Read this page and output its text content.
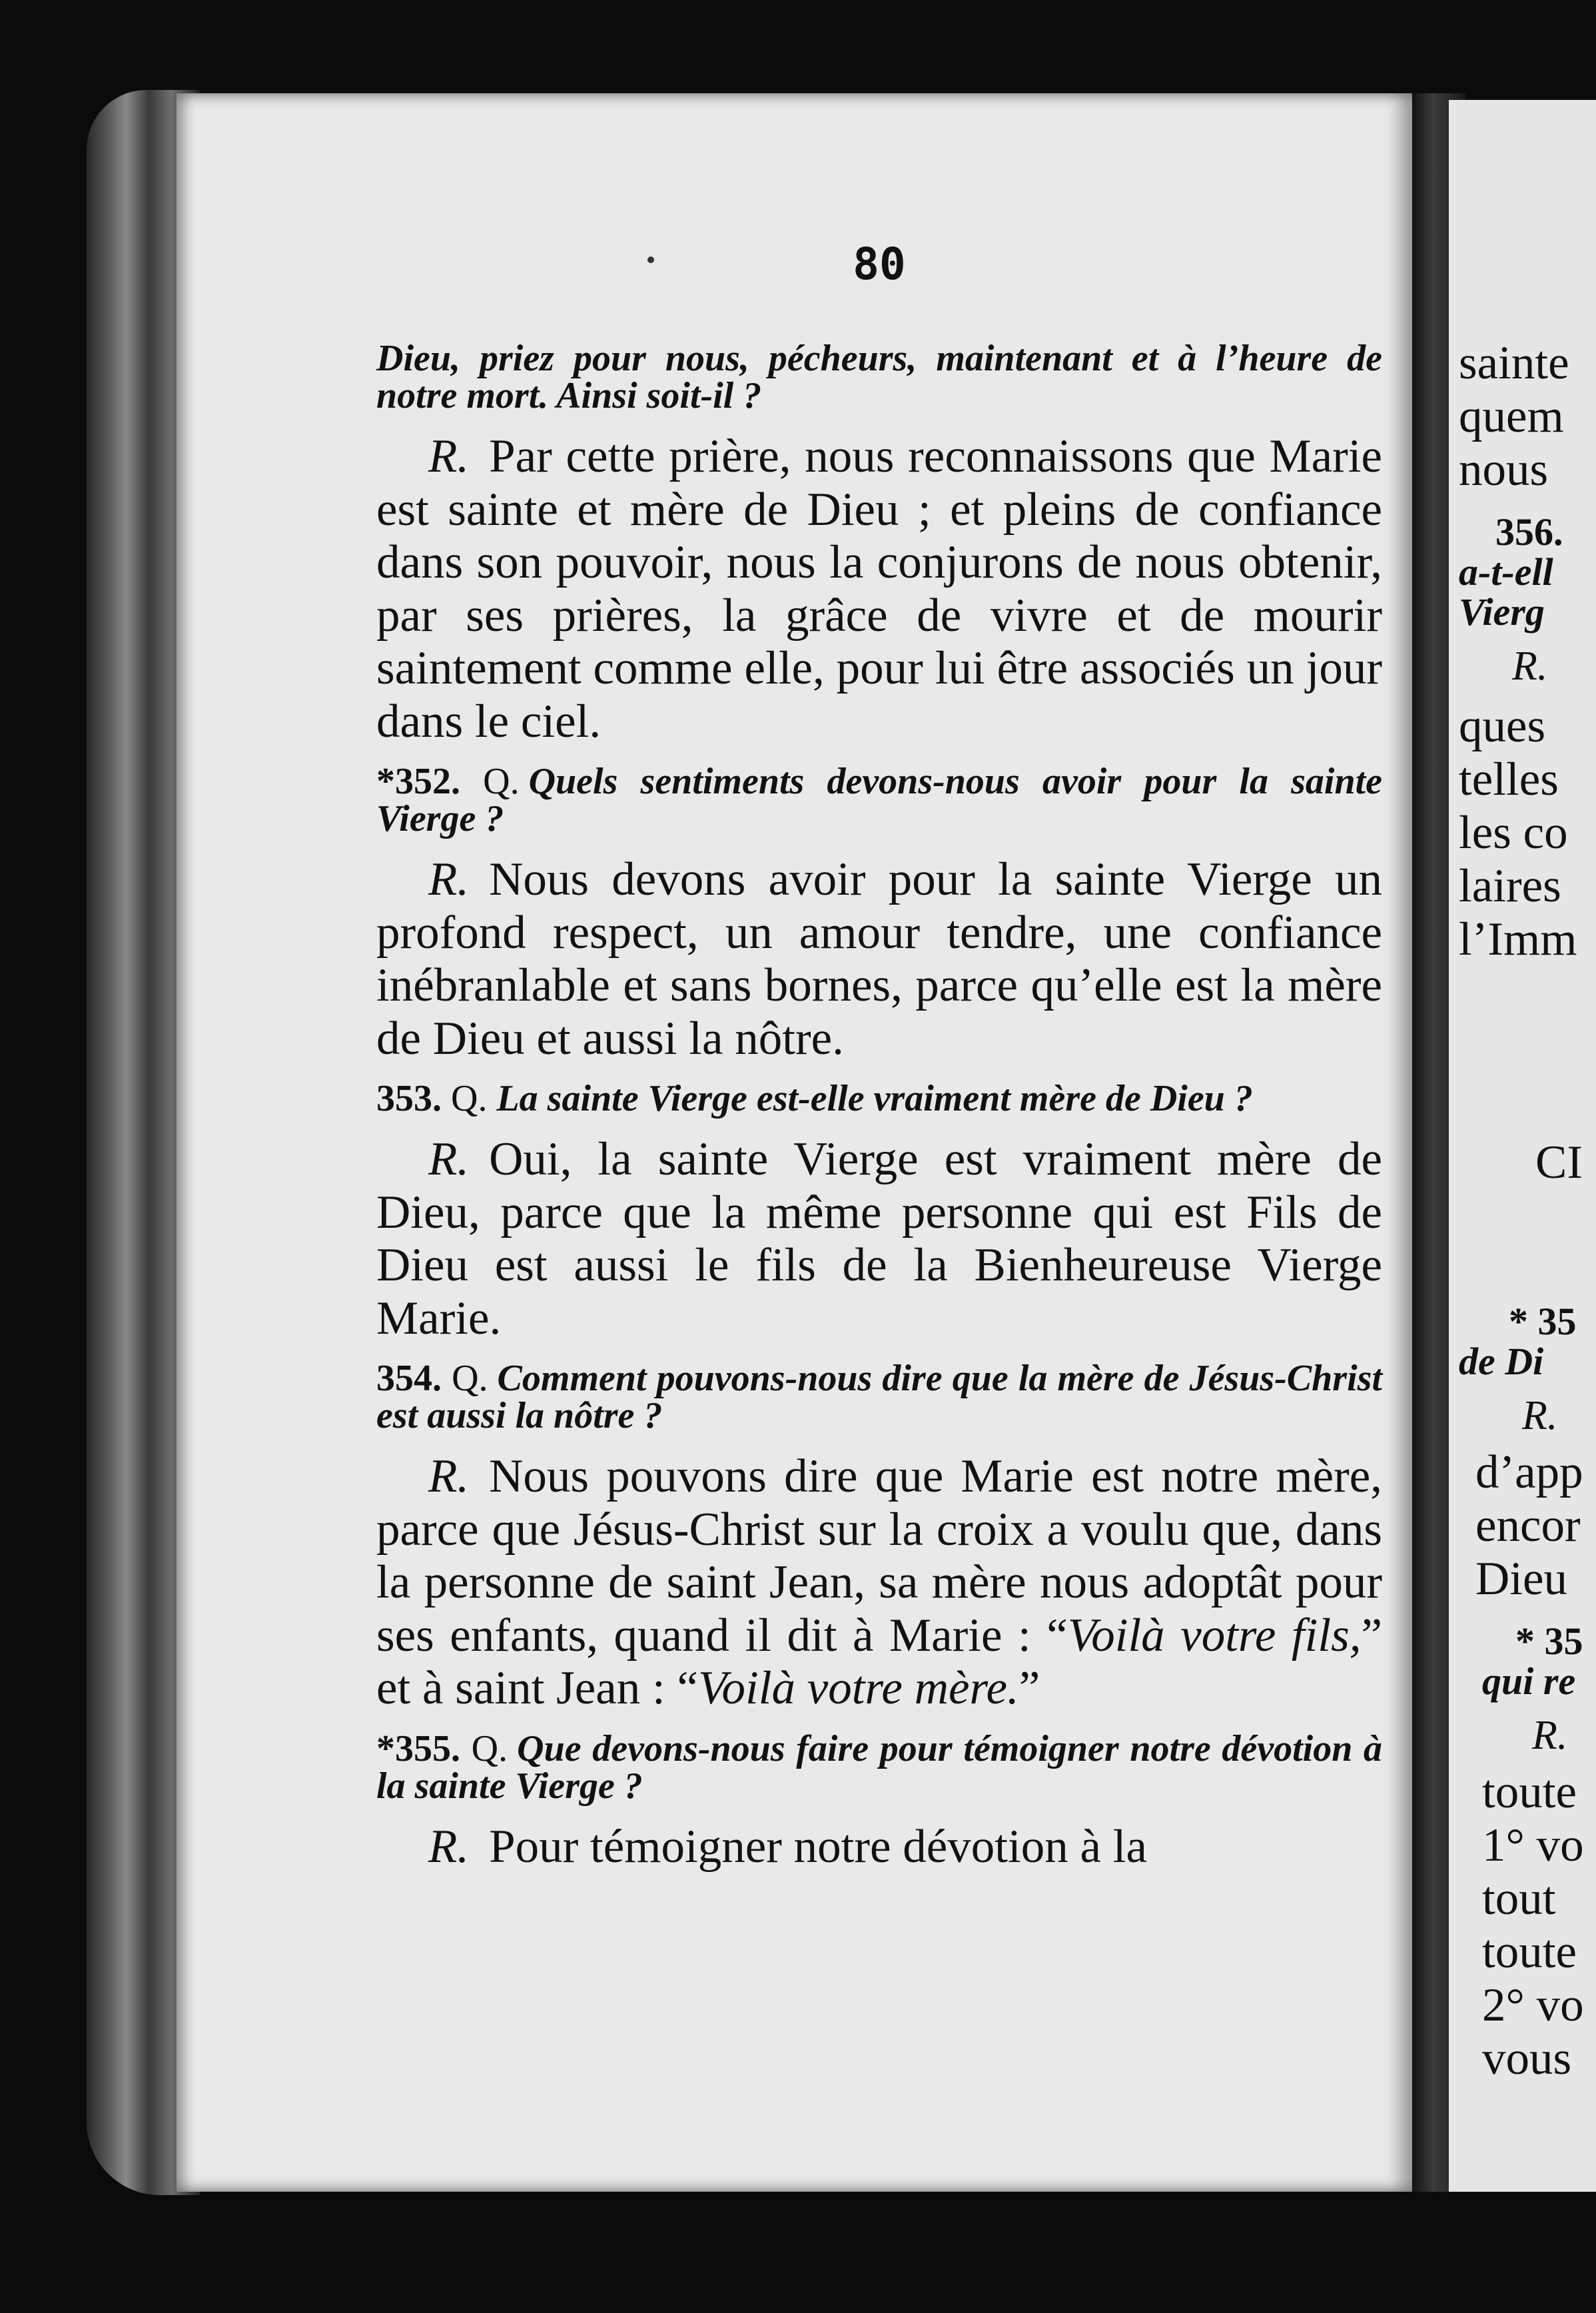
80

Dieu, priez pour nous, pécheurs, maintenant et à l’heure de notre mort. Ainsi soit-il ?

R. Par cette prière, nous reconnaissons que Marie est sainte et mère de Dieu ; et pleins de confiance dans son pouvoir, nous la conjurons de nous obtenir, par ses prières, la grâce de vivre et de mourir saintement comme elle, pour lui être associés un jour dans le ciel.

*352. Q. Quels sentiments devons-nous avoir pour la sainte Vierge ?

R. Nous devons avoir pour la sainte Vierge un profond respect, un amour tendre, une confiance inébranlable et sans bornes, parce qu’elle est la mère de Dieu et aussi la nôtre.

353. Q. La sainte Vierge est-elle vraiment mère de Dieu ?

R. Oui, la sainte Vierge est vraiment mère de Dieu, parce que la même personne qui est Fils de Dieu est aussi le fils de la Bienheureuse Vierge Marie.

354. Q. Comment pouvons-nous dire que la mère de Jésus-Christ est aussi la nôtre ?

R. Nous pouvons dire que Marie est notre mère, parce que Jésus-Christ sur la croix a voulu que, dans la personne de saint Jean, sa mère nous adoptât pour ses enfants, quand il dit à Marie : “Voilà votre fils,” et à saint Jean : “Voilà votre mère.”

*355. Q. Que devons-nous faire pour témoigner notre dévotion à la sainte Vierge ?

R. Pour témoigner notre dévotion à la

sainte
quem
nous
356.
a-t-ell
Vierg
R.
ques
telles
les co
laires
l’Imm
CI
* 35
de Di
R.
d’app
encor
Dieu
* 35
qui re
R.
toute
1° vo
tout
toute
2° vo
vous
